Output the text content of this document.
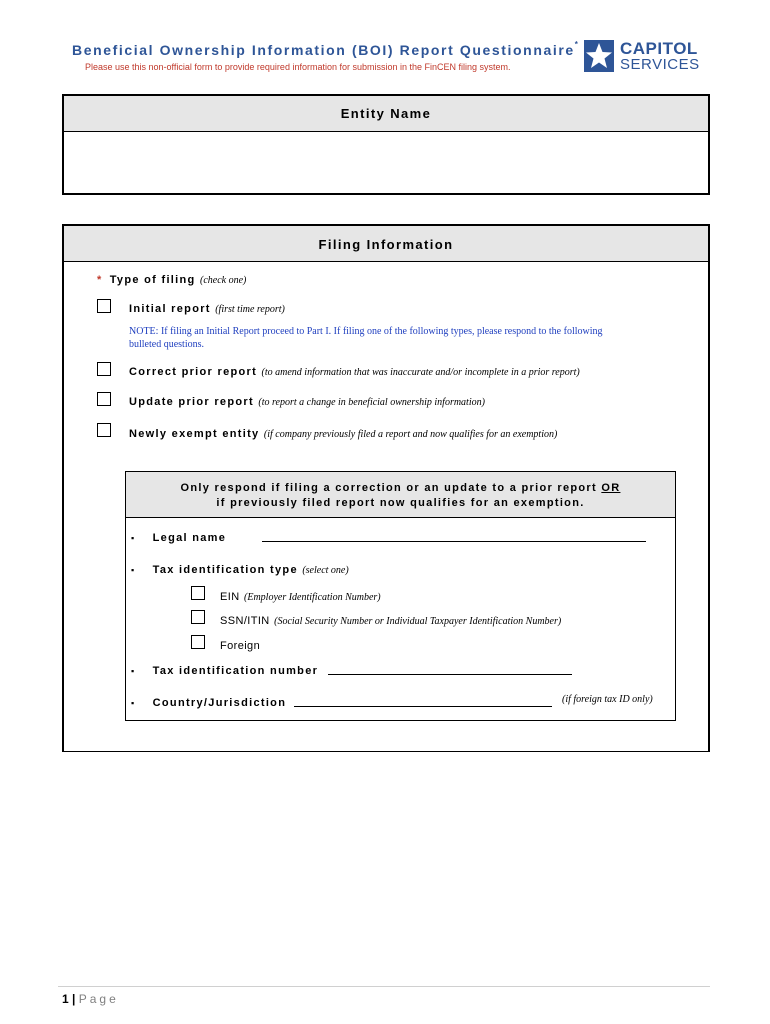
Beneficial Ownership Information (BOI) Report Questionnaire*
Please use this non-official form to provide required information for submission in the FinCEN filing system.
CAPITOL
SERVICES
Entity Name
Filing Information
* Type of filing (check one)
Initial report (first time report)
NOTE: If filing an Initial Report proceed to Part I. If filing one of the following types, please respond to the following
bulleted questions.
Correct prior report (to amend information that was inaccurate and/or incomplete in a prior report)
Update prior report (to report a change in beneficial ownership information)
Newly exempt entity (if company previously filed a report and now qualifies for an exemption)
Only respond if filing a correction or an update to a prior report OR
if previously filed report now qualifies for an exemption.
▪ Legal name
▪ Tax identification type (select one)
EIN (Employer Identification Number)
SSN/ITIN (Social Security Number or Individual Taxpayer Identification Number)
Foreign
▪ Tax identification number
▪ Country/Jurisdiction	(if foreign tax ID only)
1 | Page
